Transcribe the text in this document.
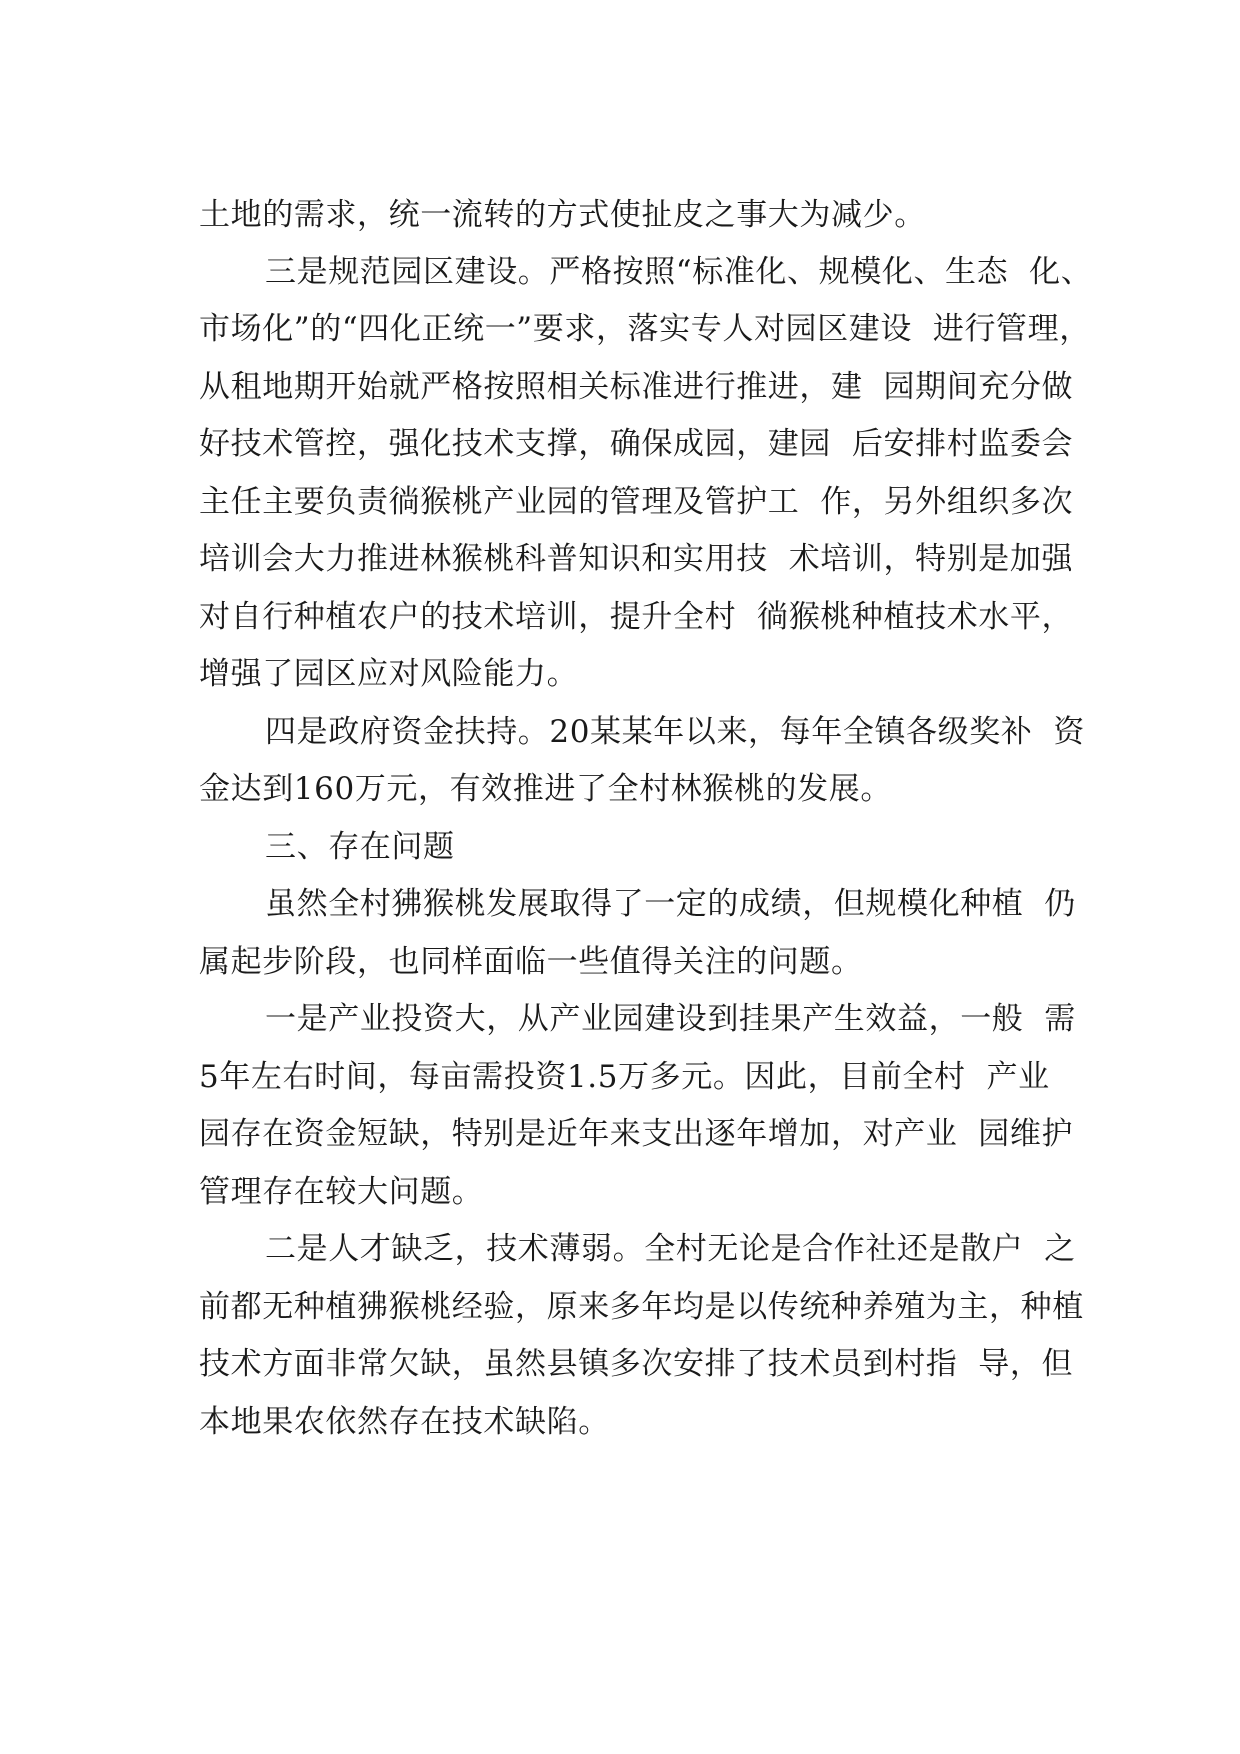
土地的需求，统一流转的方式使扯皮之事大为减少。
三是规范园区建设。严格按照“标准化、规模化、生态  化、
市场化”的“四化正统一”要求，落实专人对园区建设  进行管理，
从租地期开始就严格按照相关标准进行推进，建  园期间充分做
好技术管控，强化技术支撑，确保成园，建园  后安排村监委会
主任主要负责徜猴桃产业园的管理及管护工  作，另外组织多次
培训会大力推进林猴桃科普知识和实用技  术培训，特别是加强
对自行种植农户的技术培训，提升全村  徜猴桃种植技术水平，
增强了园区应对风险能力。
四是政府资金扶持。20某某年以来，每年全镇各级奖补  资
金达到160万元，有效推进了全村林猴桃的发展。
三、存在问题
虽然全村狒猴桃发展取得了一定的成绩，但规模化种植  仍
属起步阶段，也同样面临一些值得关注的问题。
一是产业投资大，从产业园建设到挂果产生效益，一般  需
5年左右时间，每亩需投资1.5万多元。因此，目前全村  产业
园存在资金短缺，特别是近年来支出逐年增加，对产业  园维护
管理存在较大问题。
二是人才缺乏，技术薄弱。全村无论是合作社还是散户  之
前都无种植狒猴桃经验，原来多年均是以传统种养殖为主，种植
技术方面非常欠缺，虽然县镇多次安排了技术员到村指  导，但
本地果农依然存在技术缺陷。
